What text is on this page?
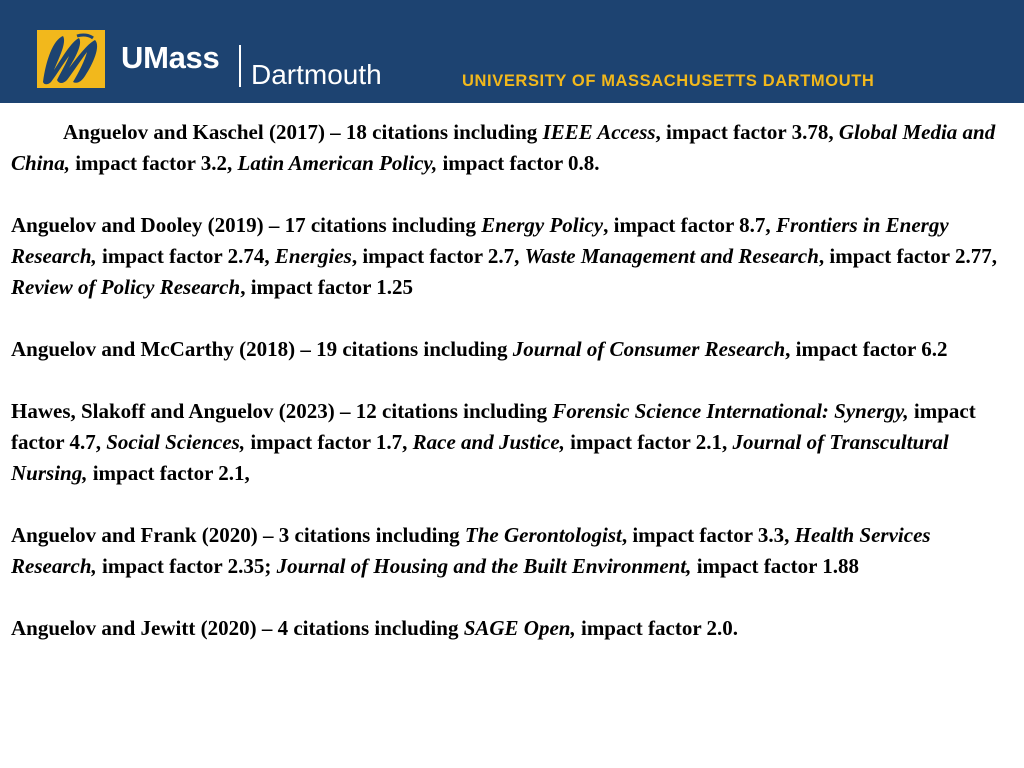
UMass Dartmouth	UNIVERSITY OF MASSACHUSETTS DARTMOUTH

Anguelov and Kaschel (2017) – 18 citations including IEEE Access, impact factor 3.78, Global Media and China, impact factor 3.2, Latin American Policy, impact factor 0.8.

Anguelov and Dooley (2019) – 17 citations including Energy Policy, impact factor 8.7, Frontiers in Energy Research, impact factor 2.74, Energies, impact factor 2.7, Waste Management and Research, impact factor 2.77, Review of Policy Research, impact factor 1.25

Anguelov and McCarthy (2018) – 19 citations including Journal of Consumer Research, impact factor 6.2

Hawes, Slakoff and Anguelov (2023) – 12 citations including Forensic Science International: Synergy, impact factor 4.7, Social Sciences, impact factor 1.7, Race and Justice, impact factor 2.1, Journal of Transcultural Nursing, impact factor 2.1,

Anguelov and Frank (2020) – 3 citations including The Gerontologist, impact factor 3.3, Health Services Research, impact factor 2.35; Journal of Housing and the Built Environment, impact factor 1.88

Anguelov and Jewitt (2020) – 4 citations including SAGE Open, impact factor 2.0.
